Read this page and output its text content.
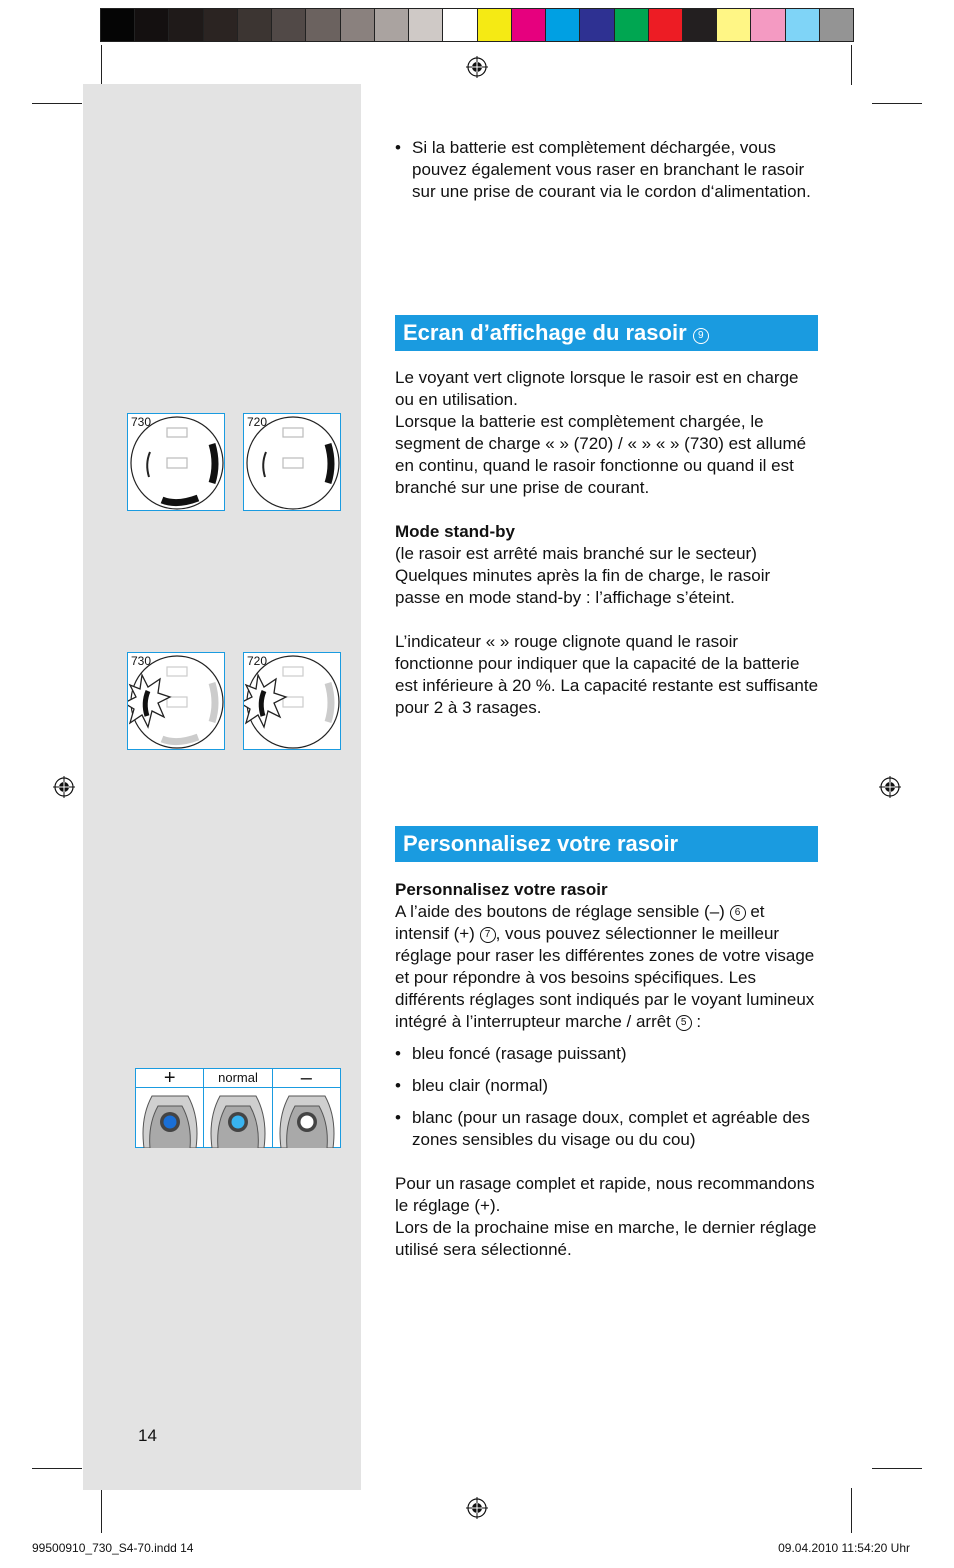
• Si la batterie est complètement déchargée, vous pouvez également vous raser en branchant le rasoir sur une prise de courant via le cordon d‘alimentation.

Ecran d’affichage du rasoir 9

Le voyant vert clignote lorsque le rasoir est en charge ou en utilisation.

Lorsque la batterie est complètement chargée, le segment de charge « » (720) / « » « » (730) est allumé en continu, quand le rasoir fonctionne ou quand il est branché sur une prise de courant.

Mode stand-by

(le rasoir est arrêté mais branché sur le secteur)

Quelques minutes après la fin de charge, le rasoir passe en mode stand-by : l’affichage s’éteint.

L’indicateur « » rouge clignote quand le rasoir fonctionne pour indiquer que la capacité de la batterie est inférieure à 20 %. La capacité restante est suffisante pour 2 à 3 rasages.

730	720
730	720
Personnalisez votre rasoir

Personnalisez votre rasoir

A l’aide des boutons de réglage sensible (–) 6 et intensif (+) 7 , vous pouvez sélectionner le meilleur réglage pour raser les différentes zones de votre visage et pour répondre à vos besoins spécifiques. Les différents réglages sont indiqués par le voyant lumineux intégré à l’interrupteur marche / arrêt 5 :

• bleu foncé (rasage puissant)

• bleu clair (normal)

• blanc (pour un rasage doux, complet et agréable des zones sensibles du visage ou du cou)

Pour un rasage complet et rapide, nous recommandons le réglage (+).

Lors de la prochaine mise en marche, le dernier réglage utilisé sera sélectionné.

+	normal	–
14
99500910_730_S4-70.indd 14	09.04.2010 11:54:20 Uhr
